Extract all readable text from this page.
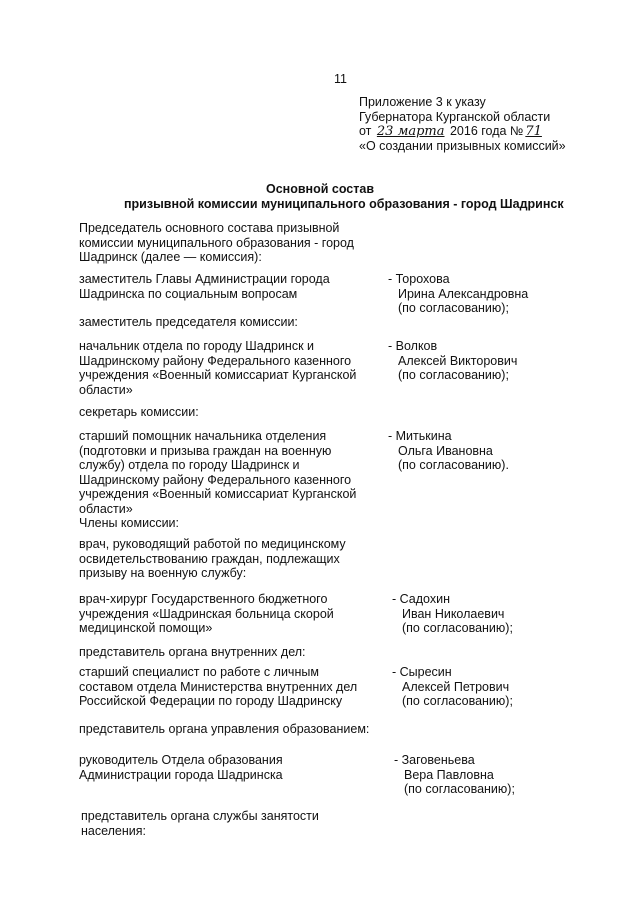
11
Приложение 3 к указу
Губернатора Курганской области
от 23 марта 2016 года № 71
«О создании призывных комиссий»
Основной состав
призывной комиссии муниципального образования - город Шадринск
Председатель основного состава призывной
комиссии муниципального образования - город
Шадринск (далее — комиссия):
заместитель Главы Администрации города
Шадринска по социальным вопросам
- Торохова
Ирина Александровна
(по согласованию);
заместитель председателя комиссии:
начальник отдела по городу Шадринск и
Шадринскому району Федерального казенного
учреждения «Военный комиссариат Курганской
области»
- Волков
Алексей Викторович
(по согласованию);
секретарь комиссии:
старший помощник начальника отделения
(подготовки и призыва граждан на военную
службу) отдела по городу Шадринск и
Шадринскому району Федерального казенного
учреждения «Военный комиссариат Курганской
области»
Члены комиссии:
- Митькина
Ольга Ивановна
(по согласованию).
врач, руководящий работой по медицинскому
освидетельствованию граждан, подлежащих
призыву на военную службу:
врач-хирург Государственного бюджетного
учреждения «Шадринская больница скорой
медицинской помощи»
- Садохин
Иван Николаевич
(по согласованию);
представитель органа внутренних дел:
старший специалист по работе с личным
составом отдела Министерства внутренних дел
Российской Федерации по городу Шадринску
- Сыресин
Алексей Петрович
(по согласованию);
представитель органа управления образованием:
руководитель Отдела образования
Администрации города Шадринска
- Заговеньева
Вера Павловна
(по согласованию);
представитель органа службы занятости
населения:
